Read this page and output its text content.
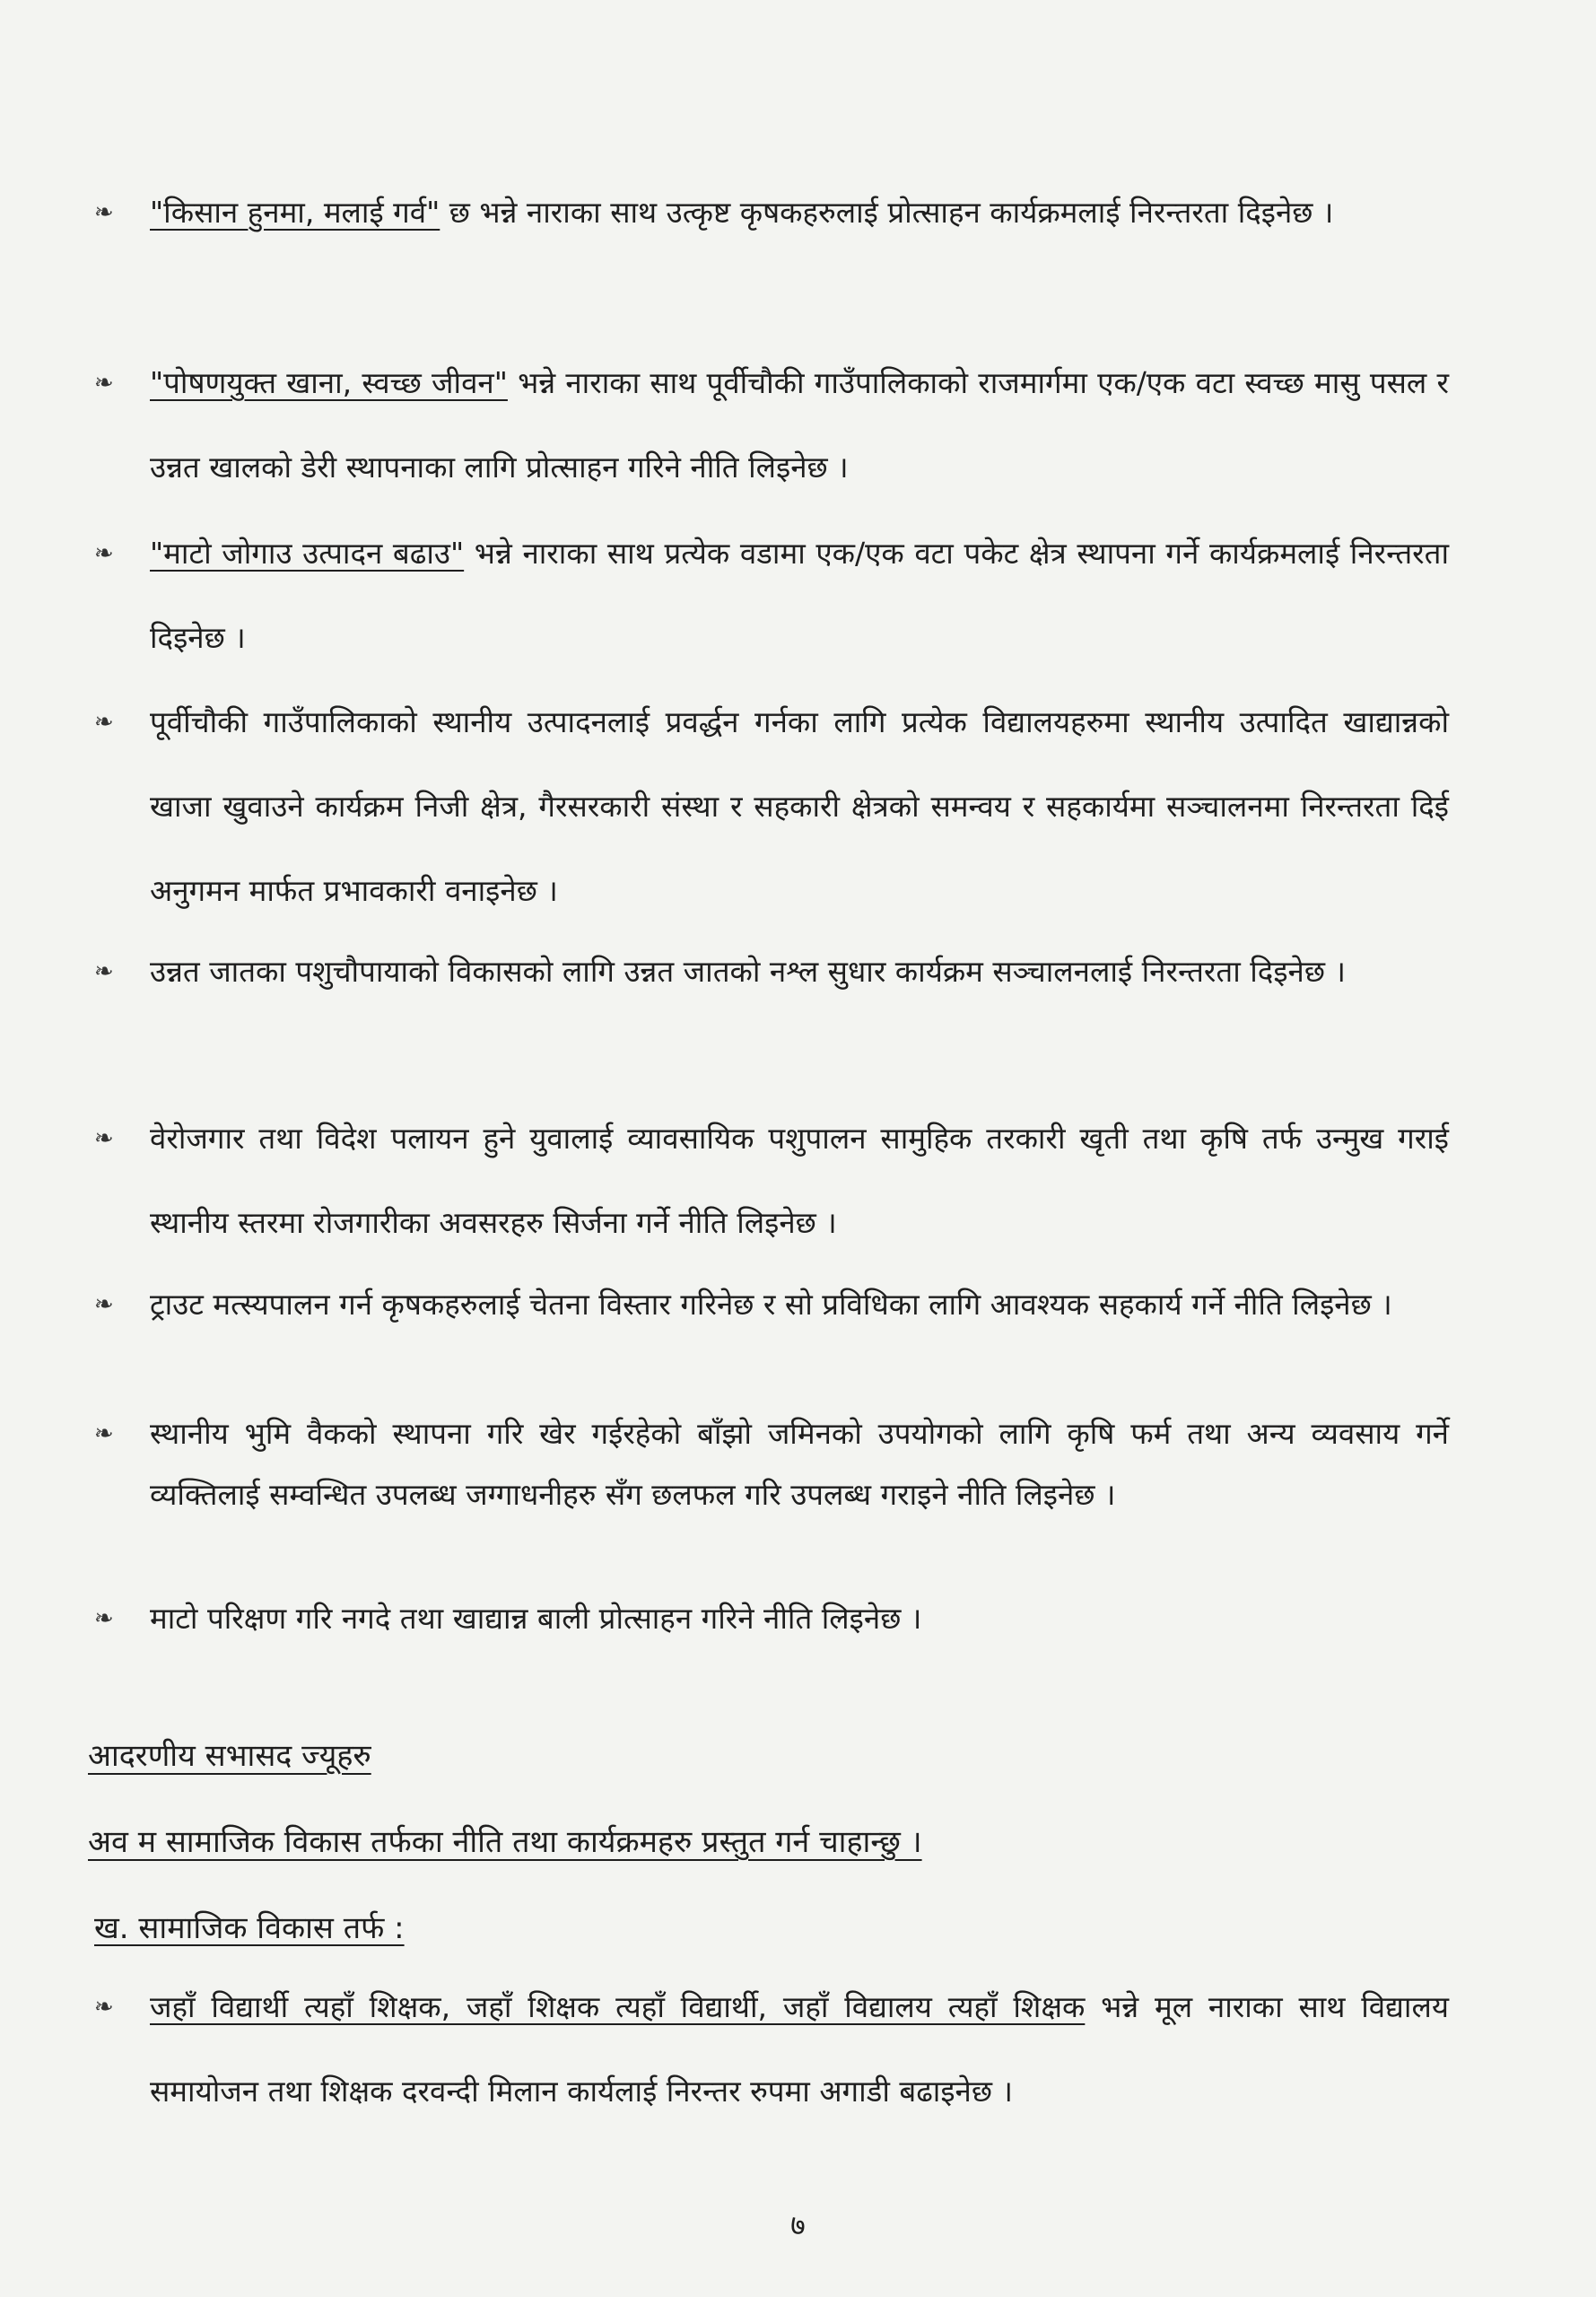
❧	"किसान हुनमा, मलाई गर्व" छ भन्ने नाराका साथ उत्कृष्ट कृषकहरुलाई प्रोत्साहन कार्यक्रमलाई निरन्तरता दिइनेछ ।
❧	"पोषणयुक्त खाना, स्वच्छ जीवन" भन्ने नाराका साथ पूर्वीचौकी गाउँपालिकाको राजमार्गमा एक/एक वटा स्वच्छ मासु पसल र उन्नत खालको डेरी स्थापनाका लागि प्रोत्साहन गरिने नीति लिइनेछ ।
❧	"माटो जोगाउ उत्पादन बढाउ" भन्ने नाराका साथ प्रत्येक वडामा एक/एक वटा पकेट क्षेत्र स्थापना गर्ने कार्यक्रमलाई निरन्तरता दिइनेछ ।
❧	पूर्वीचौकी गाउँपालिकाको स्थानीय उत्पादनलाई प्रवर्द्धन गर्नका लागि प्रत्येक विद्यालयहरुमा स्थानीय उत्पादित खाद्यान्नको खाजा खुवाउने कार्यक्रम निजी क्षेत्र, गैरसरकारी संस्था र सहकारी क्षेत्रको समन्वय र सहकार्यमा सञ्चालनमा निरन्तरता दिई अनुगमन मार्फत प्रभावकारी वनाइनेछ ।
❧	उन्नत जातका पशुचौपायाको विकासको लागि उन्नत जातको नश्ल सुधार कार्यक्रम सञ्चालनलाई निरन्तरता दिइनेछ ।
❧	वेरोजगार तथा विदेश पलायन हुने युवालाई व्यावसायिक पशुपालन सामुहिक तरकारी खृती तथा कृषि तर्फ उन्मुख गराई स्थानीय स्तरमा रोजगारीका अवसरहरु सिर्जना गर्ने नीति लिइनेछ ।
❧	ट्राउट मत्स्यपालन गर्न कृषकहरुलाई चेतना विस्तार गरिनेछ र सो प्रविधिका लागि आवश्यक सहकार्य गर्ने नीति लिइनेछ ।
❧	स्थानीय भुमि वैकको स्थापना गरि खेर गईरहेको बाँझो जमिनको उपयोगको लागि कृषि फर्म तथा अन्य व्यवसाय गर्ने व्यक्तिलाई सम्वन्धित उपलब्ध जग्गाधनीहरु सँग छलफल गरि उपलब्ध गराइने नीति लिइनेछ ।
❧	माटो परिक्षण गरि नगदे तथा खाद्यान्न बाली प्रोत्साहन गरिने नीति लिइनेछ ।
आदरणीय सभासद ज्यूहरु
अव म सामाजिक विकास तर्फका नीति तथा कार्यक्रमहरु प्रस्तुत गर्न चाहान्छु ।
ख. सामाजिक विकास तर्फ :
❧	जहाँ विद्यार्थी त्यहाँ शिक्षक, जहाँ शिक्षक त्यहाँ विद्यार्थी, जहाँ विद्यालय त्यहाँ शिक्षक भन्ने मूल नाराका साथ विद्यालय समायोजन तथा शिक्षक दरवन्दी मिलान कार्यलाई निरन्तर रुपमा अगाडी बढाइनेछ ।
७
